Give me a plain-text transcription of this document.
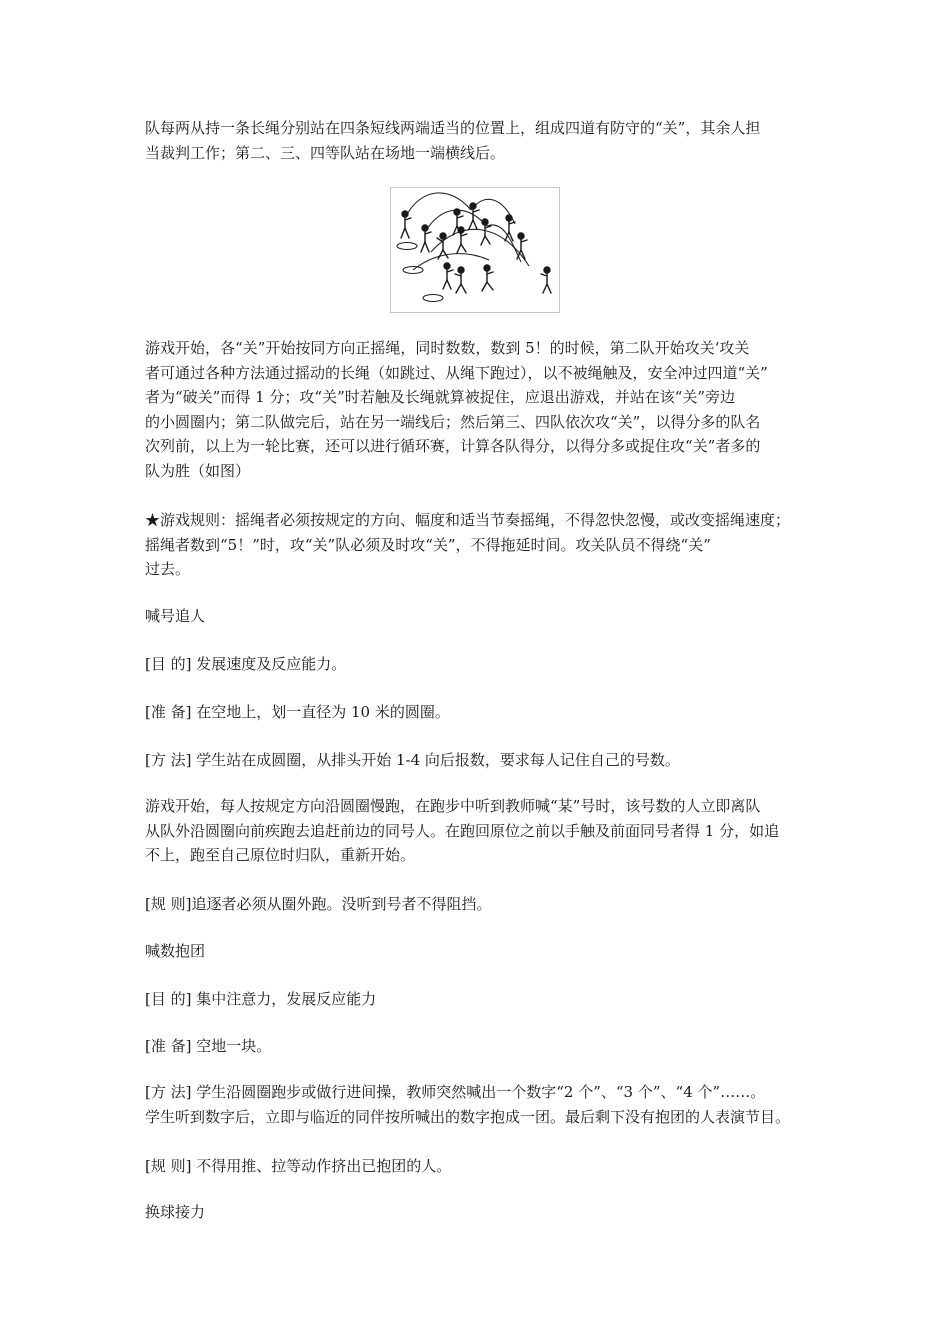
队每两从持一条长绳分别站在四条短线两端适当的位置上，组成四道有防守的“关”，其余人担
当裁判工作；第二、三、四等队站在场地一端横线后。

游戏开始，各“关”开始按同方向正摇绳，同时数数，数到 5！的时候，第二队开始攻关‘攻关
者可通过各种方法通过摇动的长绳（如跳过、从绳下跑过），以不被绳触及，安全冲过四道“关”
者为“破关”而得 1 分；攻“关”时若触及长绳就算被捉住，应退出游戏，并站在该“关”旁边
的小圆圈内；第二队做完后，站在另一端线后；然后第三、四队依次攻“关”，以得分多的队名
次列前，以上为一轮比赛，还可以进行循环赛，计算各队得分，以得分多或捉住攻“关”者多的
队为胜（如图）

★游戏规则：摇绳者必须按规定的方向、幅度和适当节奏摇绳，不得忽快忽慢，或改变摇绳速度；
摇绳者数到“5！”时，攻“关”队必须及时攻“关”，不得拖延时间。攻关队员不得绕“关”
过去。

喊号追人

[目 的] 发展速度及反应能力。

[准 备] 在空地上，划一直径为 10 米的圆圈。

[方 法] 学生站在成圆圈，从排头开始 1-4 向后报数，要求每人记住自己的号数。

游戏开始，每人按规定方向沿圆圈慢跑，在跑步中听到教师喊“某”号时，该号数的人立即离队
从队外沿圆圈向前疾跑去追赶前边的同号人。在跑回原位之前以手触及前面同号者得 1 分，如追
不上，跑至自己原位时归队，重新开始。

[规 则]追逐者必须从圈外跑。没听到号者不得阻挡。

喊数抱团

[目 的] 集中注意力，发展反应能力

[准 备] 空地一块。

[方 法] 学生沿圆圈跑步或做行进间操，教师突然喊出一个数字“2 个”、“3 个”、“4 个”……。
学生听到数字后，立即与临近的同伴按所喊出的数字抱成一团。最后剩下没有抱团的人表演节目。

[规 则] 不得用推、拉等动作挤出已抱团的人。

换球接力
